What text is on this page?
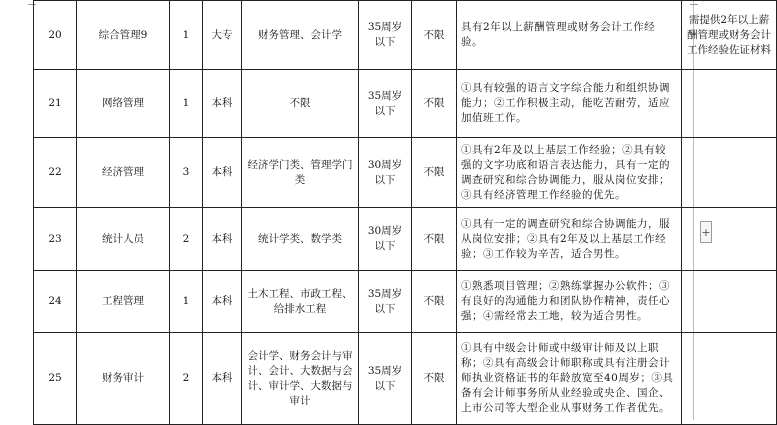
20	综合管理9	1	大专	财务管理、会计学	35周岁以下	不限	具有2年以上薪酬管理或财务会计工作经验。	需提供2年以上薪酬管理或财务会计工作经验佐证材料
21	网络管理	1	本科	不限	35周岁以下	不限	①具有较强的语言文字综合能力和组织协调能力；②工作积极主动，能吃苦耐劳，适应加值班工作。	
22	经济管理	3	本科	经济学门类、管理学门类	30周岁以下	不限	①具有2年及以上基层工作经验；②具有较强的文字功底和语言表达能力，具有一定的调查研究和综合协调能力，服从岗位安排；③具有经济管理工作经验的优先。	
23	统计人员	2	本科	统计学类、数学类	30周岁以下	不限	①具有一定的调查研究和综合协调能力，服从岗位安排；②具有2年及以上基层工作经验；③工作较为辛苦，适合男性。	
24	工程管理	1	本科	土木工程、市政工程、给排水工程	35周岁以下	不限	①熟悉项目管理；②熟练掌握办公软件；③有良好的沟通能力和团队协作精神，责任心强；④需经常去工地，较为适合男性。	
25	财务审计	2	本科	会计学、财务会计与审计、会计、大数据与会计、审计学、大数据与审计	35周岁以下	不限	①具有中级会计师或中级审计师及以上职称；②具有高级会计师职称或具有注册会计师执业资格证书的年龄放宽至40周岁；③具备有会计师事务所从业经验或央企、国企、上市公司等大型企业从事财务工作者优先。	
+
